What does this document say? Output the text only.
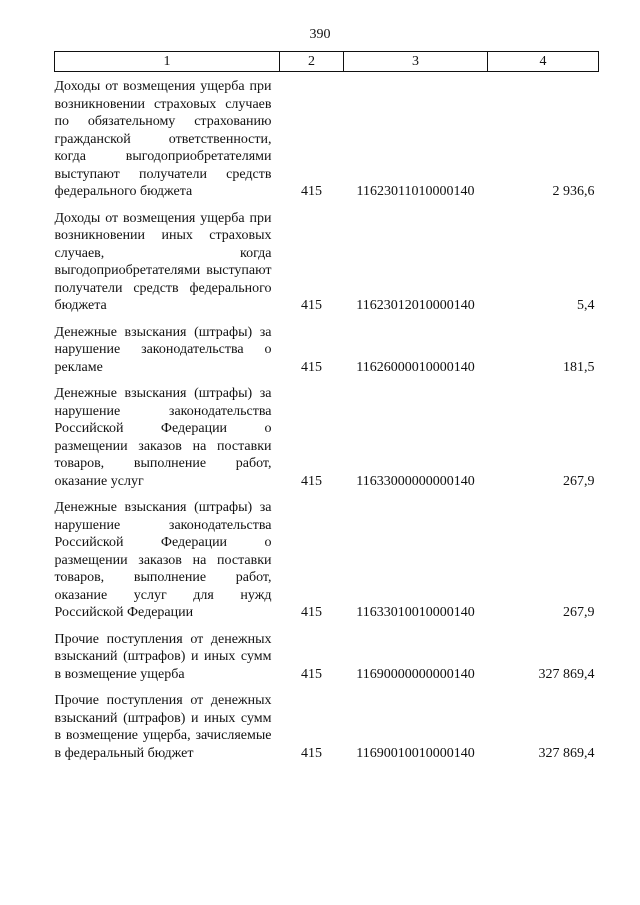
390
1	2	3	4
Доходы от возмещения ущерба при возникновении страховых случаев по обязательному страхованию гражданской ответственности, когда выгодоприобретателями выступают получатели средств федерального бюджета	415	11623011010000140	2 936,6
Доходы от возмещения ущерба при возникновении иных страховых случаев, когда выгодоприобретателями выступают получатели средств федерального бюджета	415	11623012010000140	5,4
Денежные взыскания (штрафы) за нарушение законодательства о рекламе	415	11626000010000140	181,5
Денежные взыскания (штрафы) за нарушение законодательства Российской Федерации о размещении заказов на поставки товаров, выполнение работ, оказание услуг	415	11633000000000140	267,9
Денежные взыскания (штрафы) за нарушение законодательства Российской Федерации о размещении заказов на поставки товаров, выполнение работ, оказание услуг для нужд Российской Федерации	415	11633010010000140	267,9
Прочие поступления от денежных взысканий (штрафов) и иных сумм в возмещение ущерба	415	11690000000000140	327 869,4
Прочие поступления от денежных взысканий (штрафов) и иных сумм в возмещение ущерба, зачисляемые в федеральный бюджет	415	11690010010000140	327 869,4
